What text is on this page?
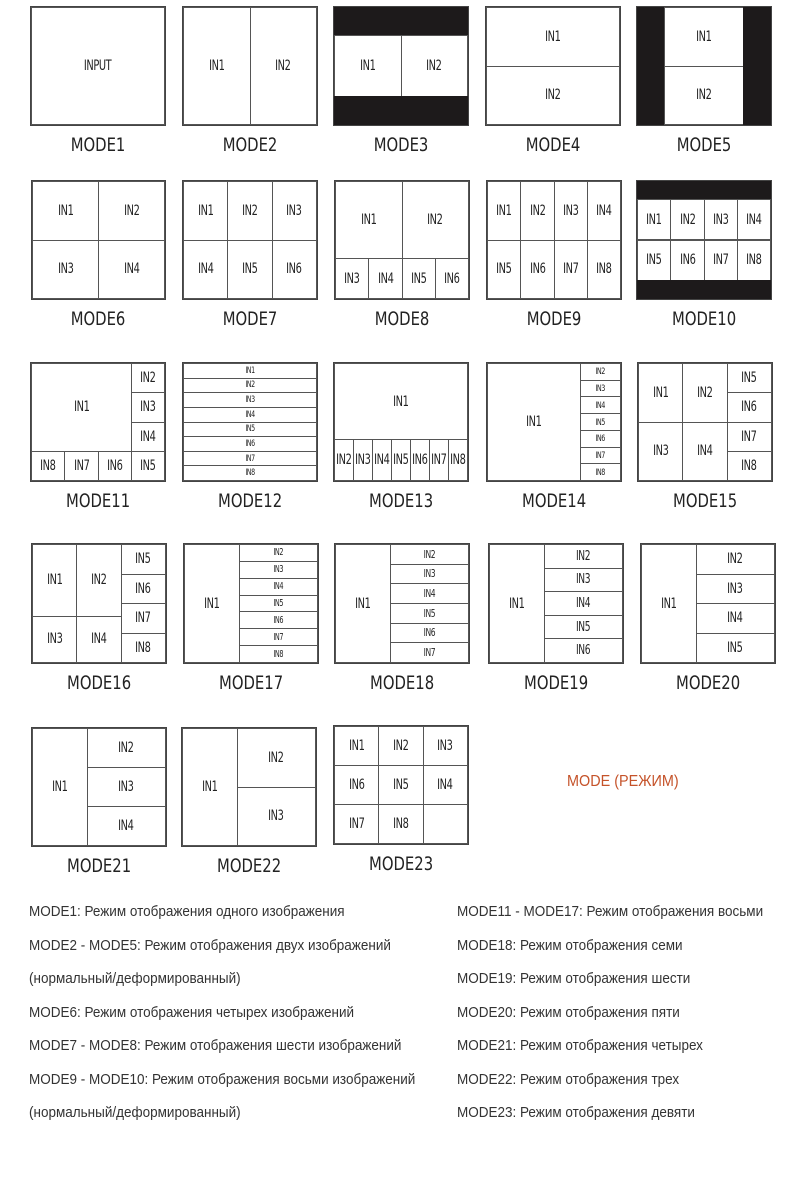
INPUT
MODE1
IN1	IN2
MODE2
IN1	IN2
MODE3
IN1
IN2
MODE4
IN1
IN2
MODE5
IN1	IN2
IN3	IN4
MODE6
IN1 IN2 IN3
IN4 IN5 IN6
MODE7
IN1	IN2
IN3 IN4 IN5 IN6
MODE8
IN1 IN2 IN3 IN4
IN5 IN6 IN7 IN8
MODE9
IN1 IN2 IN3 IN4
IN5 IN6 IN7 IN8
MODE10
IN1
IN2
IN3
IN4
IN8 IN7 IN6 IN5
MODE11
IN1
IN2
IN3
IN4
IN5
IN6
IN7
IN8
MODE12
IN1
IN2 IN3 IN4 IN5 IN6 IN7 IN8
MODE13
IN1
IN2
IN3
IN4
IN5
IN6
IN7
IN8
MODE14
IN1 IN2
IN3 IN4
IN5
IN6
IN7
IN8
MODE15
IN1 IN2
IN3 IN4
IN5
IN6
IN7
IN8
MODE16
IN1
IN2
IN3
IN4
IN5
IN6
IN7
IN8
MODE17
IN1
IN2
IN3
IN4
IN5
IN6
IN7
MODE18
IN1
IN2
IN3
IN4
IN5
IN6
MODE19
IN1
IN2
IN3
IN4
IN5
MODE20
IN1
IN2
IN3
IN4
MODE21
IN1
IN2
IN3
MODE22
IN1 IN2 IN3
IN6 IN5 IN4
IN7 IN8
MODE23
MODE (РЕЖИМ)
MODE1: Режим отображения одного изображения
MODE2 - MODE5: Режим отображения двух изображений
(нормальный/деформированный)
MODE6: Режим отображения четырех изображений
MODE7 - MODE8: Режим отображения шести изображений
MODE9 - MODE10: Режим отображения восьми изображений
(нормальный/деформированный)
MODE11 - MODE17: Режим отображения восьми
MODE18: Режим отображения семи
MODE19: Режим отображения шести
MODE20: Режим отображения пяти
MODE21: Режим отображения четырех
MODE22: Режим отображения трех
MODE23: Режим отображения девяти
